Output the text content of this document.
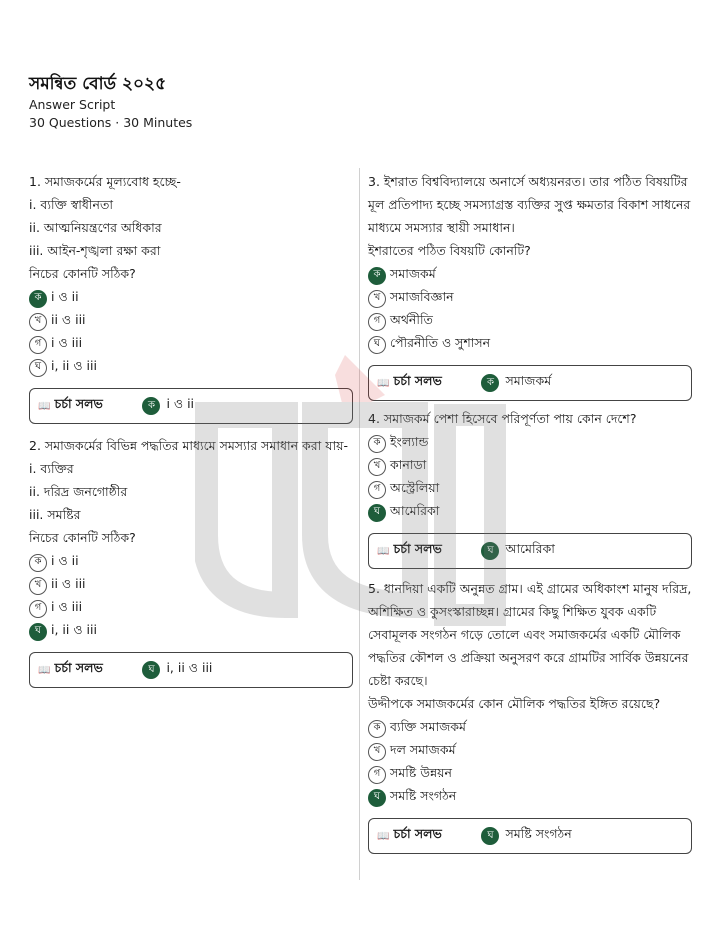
সমন্বিত বোর্ড ২০২৫
Answer Script
30 Questions · 30 Minutes
1. সমাজকর্মের মূল্যবোধ হচ্ছে-
i. ব্যক্তি স্বাধীনতা
ii. আত্মনিয়ন্ত্রণের অধিকার
iii. আইন-শৃঙ্খলা রক্ষা করা
নিচের কোনটি সঠিক?
ক i ও ii
খ ii ও iii
গ i ও iii
ঘ i, ii ও iii
📖 চর্চা সলভ	ক i ও ii
2. সমাজকর্মের বিভিন্ন পদ্ধতির মাধ্যমে সমস্যার সমাধান করা যায়-
i. ব্যক্তির
ii. দরিদ্র জনগোষ্ঠীর
iii. সমষ্টির
নিচের কোনটি সঠিক?
ক i ও ii
খ ii ও iii
গ i ও iii
ঘ i, ii ও iii
📖 চর্চা সলভ	ঘ i, ii ও iii
3. ইশরাত বিশ্ববিদ্যালয়ে অনার্সে অধ্যয়নরত। তার পঠিত বিষয়টির মূল প্রতিপাদ্য হচ্ছে সমস্যাগ্রস্ত ব্যক্তির সুপ্ত ক্ষমতার বিকাশ সাধনের মাধ্যমে সমস্যার স্থায়ী সমাধান।
ইশরাতের পঠিত বিষয়টি কোনটি?
ক সমাজকর্ম
খ সমাজবিজ্ঞান
গ অর্থনীতি
ঘ পৌরনীতি ও সুশাসন
📖 চর্চা সলভ	ক সমাজকর্ম
4. সমাজকর্ম পেশা হিসেবে পরিপূর্ণতা পায় কোন দেশে?
ক ইংল্যান্ড
খ কানাডা
গ অস্ট্রেলিয়া
ঘ আমেরিকা
📖 চর্চা সলভ	ঘ আমেরিকা
5. ধানদিয়া একটি অনুন্নত গ্রাম। এই গ্রামের অধিকাংশ মানুষ দরিদ্র, অশিক্ষিত ও কুসংস্কারাচ্ছন্ন। গ্রামের কিছু শিক্ষিত যুবক একটি সেবামূলক সংগঠন গড়ে তোলে এবং সমাজকর্মের একটি মৌলিক পদ্ধতির কৌশল ও প্রক্রিয়া অনুসরণ করে গ্রামটির সার্বিক উন্নয়নের চেষ্টা করছে।
উদ্দীপকে সমাজকর্মের কোন মৌলিক পদ্ধতির ইঙ্গিত রয়েছে?
ক ব্যক্তি সমাজকর্ম
খ দল সমাজকর্ম
গ সমষ্টি উন্নয়ন
ঘ সমষ্টি সংগঠন
📖 চর্চা সলভ	ঘ সমষ্টি সংগঠন
